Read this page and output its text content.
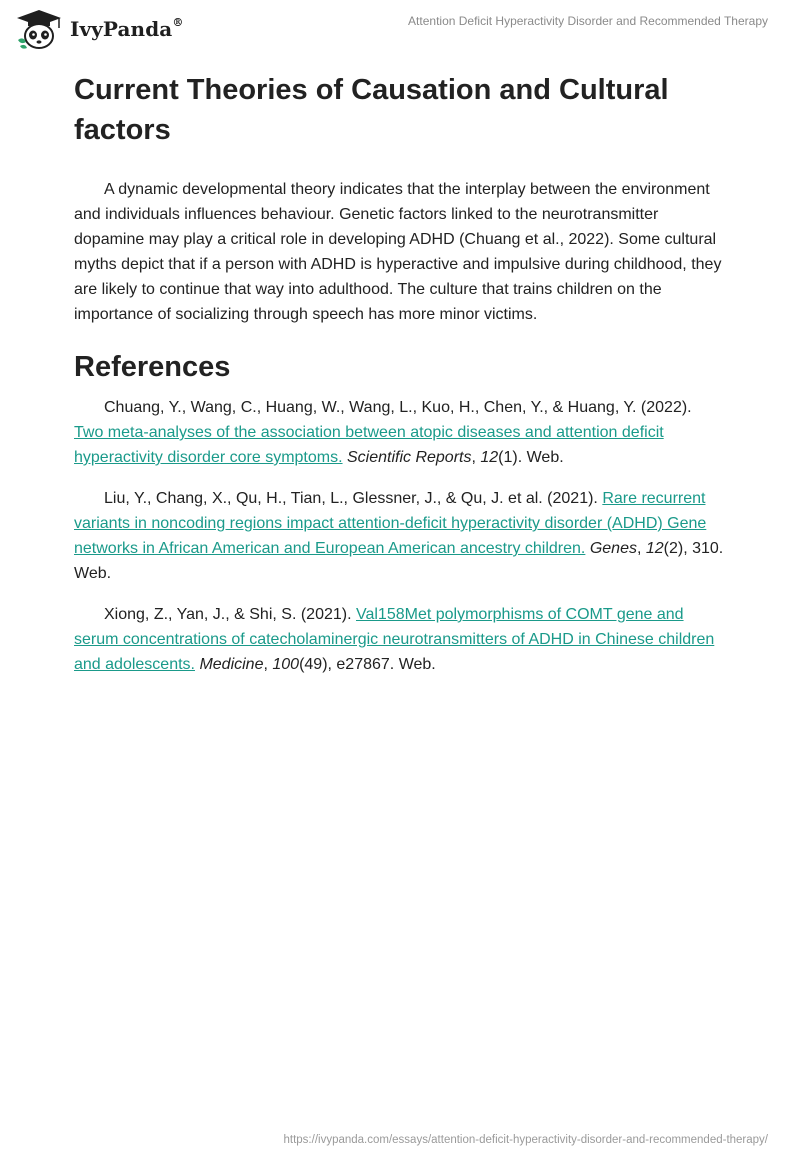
IvyPanda®	Attention Deficit Hyperactivity Disorder and Recommended Therapy
Current Theories of Causation and Cultural factors

A dynamic developmental theory indicates that the interplay between the environment and individuals influences behaviour. Genetic factors linked to the neurotransmitter dopamine may play a critical role in developing ADHD (Chuang et al., 2022). Some cultural myths depict that if a person with ADHD is hyperactive and impulsive during childhood, they are likely to continue that way into adulthood. The culture that trains children on the importance of socializing through speech has more minor victims.

References

Chuang, Y., Wang, C., Huang, W., Wang, L., Kuo, H., Chen, Y., & Huang, Y. (2022). Two meta-analyses of the association between atopic diseases and attention deficit hyperactivity disorder core symptoms. Scientific Reports, 12(1). Web.

Liu, Y., Chang, X., Qu, H., Tian, L., Glessner, J., & Qu, J. et al. (2021). Rare recurrent variants in noncoding regions impact attention-deficit hyperactivity disorder (ADHD) Gene networks in African American and European American ancestry children. Genes, 12(2), 310. Web.

Xiong, Z., Yan, J., & Shi, S. (2021). Val158Met polymorphisms of COMT gene and serum concentrations of catecholaminergic neurotransmitters of ADHD in Chinese children and adolescents. Medicine, 100(49), e27867. Web.

https://ivypanda.com/essays/attention-deficit-hyperactivity-disorder-and-recommended-therapy/
